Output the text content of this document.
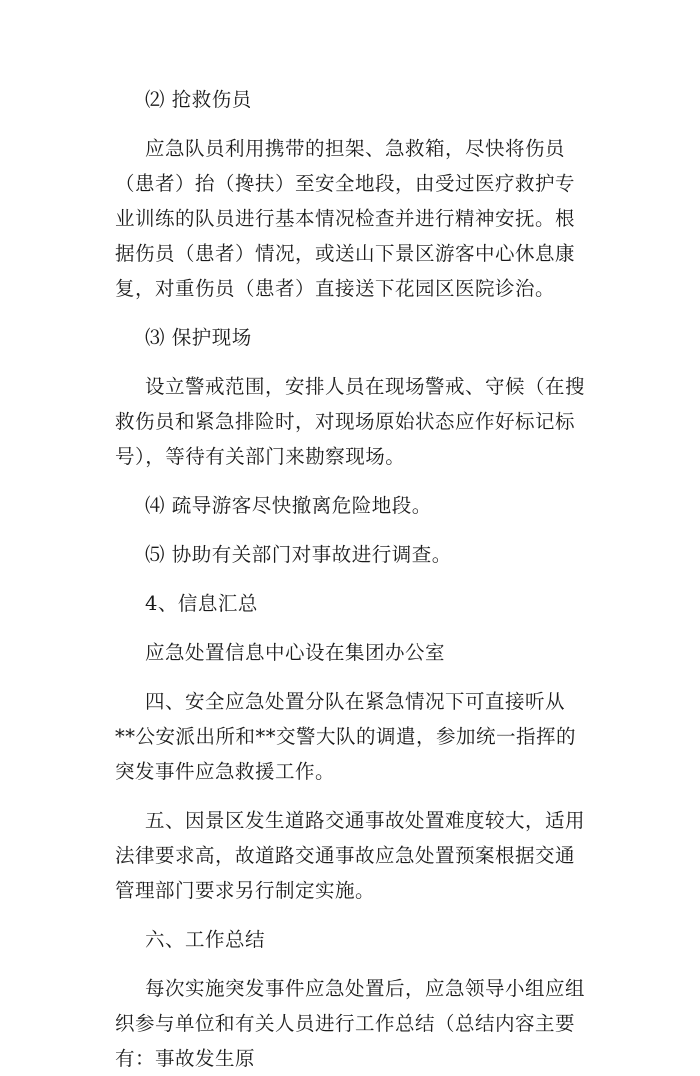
⑵ 抢救伤员

应急队员利用携带的担架、急救箱，尽快将伤员（患者）抬（搀扶）至安全地段，由受过医疗救护专业训练的队员进行基本情况检查并进行精神安抚。根据伤员（患者）情况，或送山下景区游客中心休息康复，对重伤员（患者）直接送下花园区医院诊治。

⑶ 保护现场

设立警戒范围，安排人员在现场警戒、守候（在搜救伤员和紧急排险时，对现场原始状态应作好标记标号），等待有关部门来勘察现场。

⑷ 疏导游客尽快撤离危险地段。

⑸ 协助有关部门对事故进行调查。

4、信息汇总

应急处置信息中心设在集团办公室

四、安全应急处置分队在紧急情况下可直接听从**公安派出所和**交警大队的调遣，参加统一指挥的突发事件应急救援工作。

五、因景区发生道路交通事故处置难度较大，适用法律要求高，故道路交通事故应急处置预案根据交通管理部门要求另行制定实施。

六、工作总结

每次实施突发事件应急处置后，应急领导小组应组织参与单位和有关人员进行工作总结（总结内容主要有：事故发生原
